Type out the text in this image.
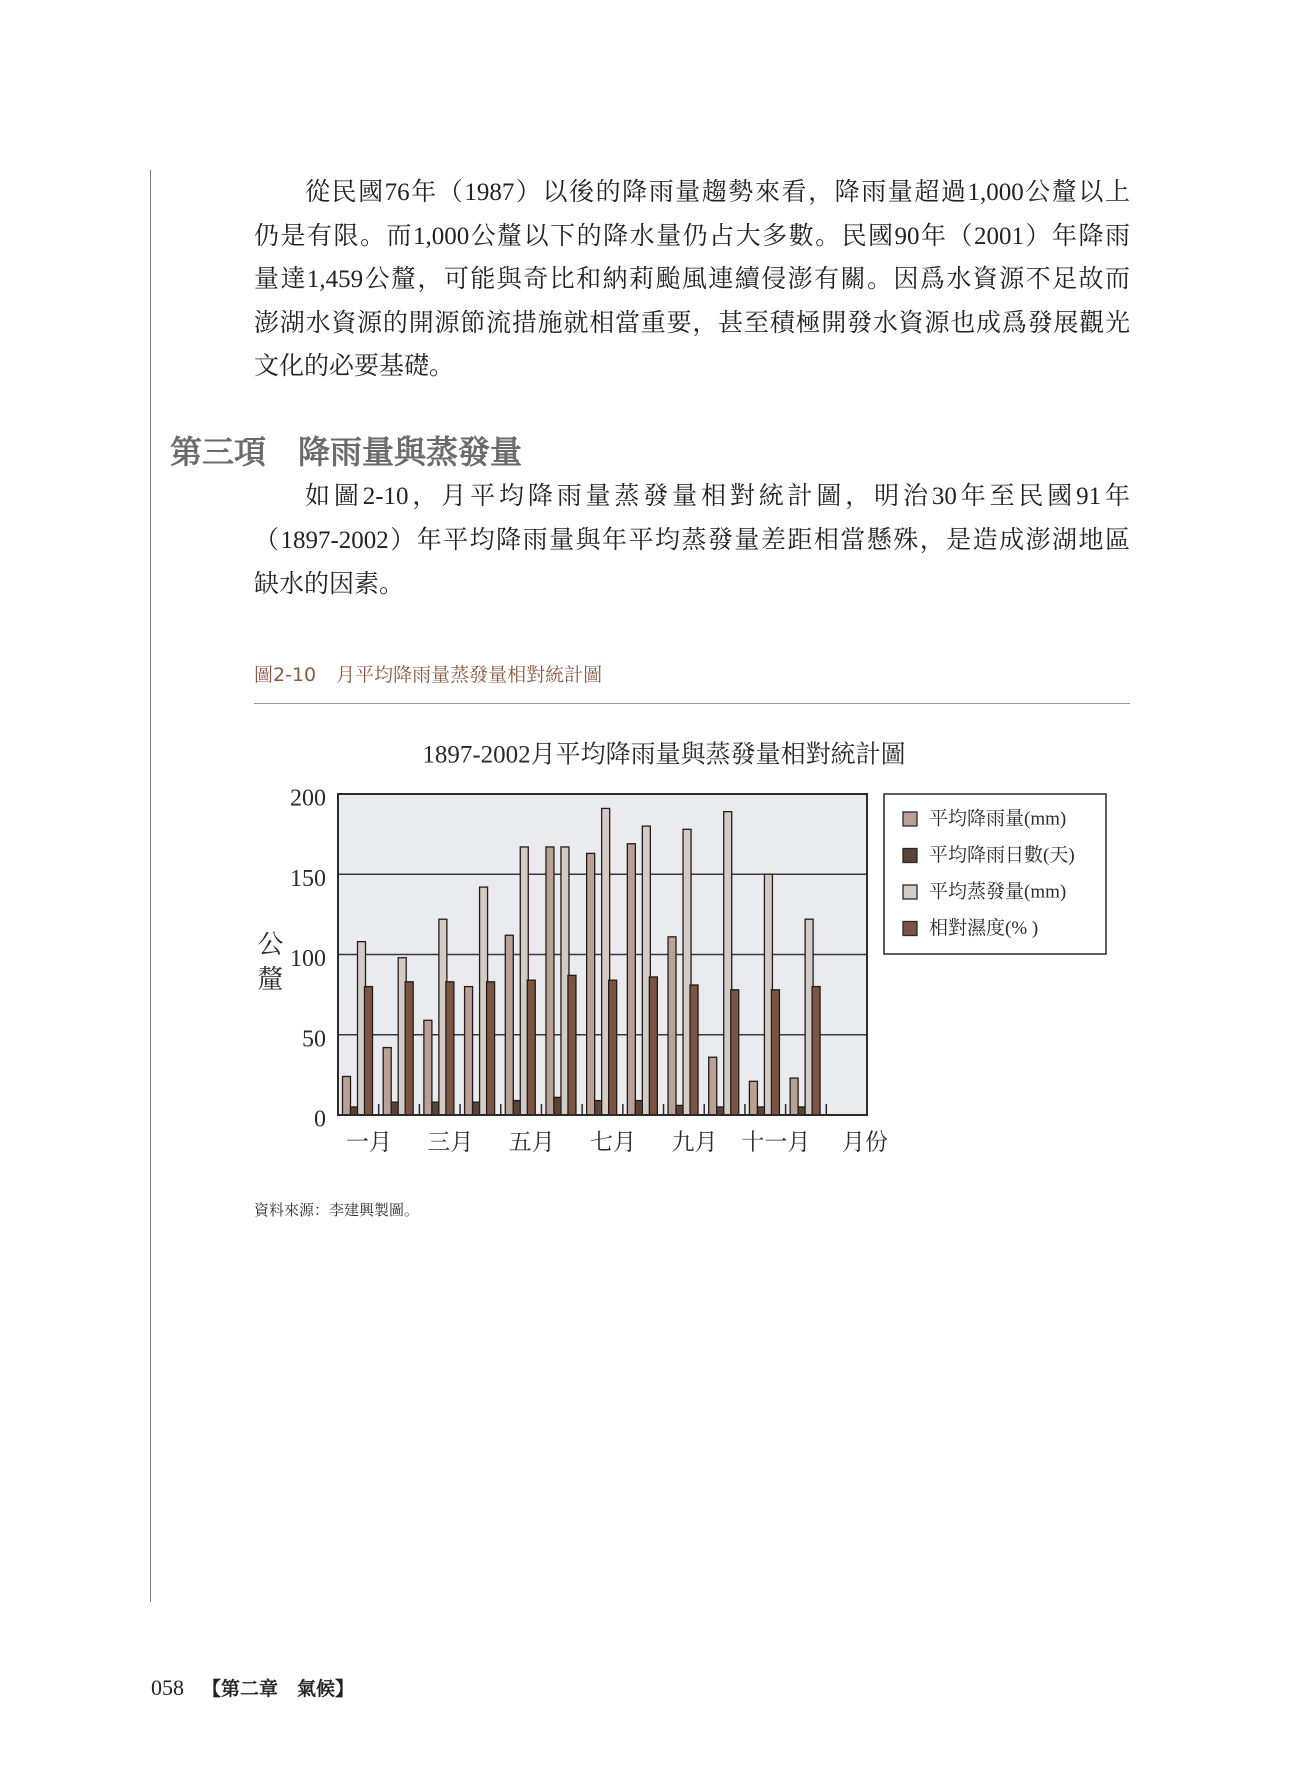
從民國76年（1987）以後的降雨量趨勢來看，降雨量超過1,000公釐以上
仍是有限。而1,000公釐以下的降水量仍占大多數。民國90年（2001）年降雨
量達1,459公釐，可能與奇比和納莉颱風連續侵澎有關。因爲水資源不足故而
澎湖水資源的開源節流措施就相當重要，甚至積極開發水資源也成爲發展觀光
文化的必要基礎。
第三項　降雨量與蒸發量
如圖2-10，月平均降雨量蒸發量相對統計圖，明治30年至民國91年
（1897-2002）年平均降雨量與年平均蒸發量差距相當懸殊，是造成澎湖地區
缺水的因素。
圖2-10 月平均降雨量蒸發量相對統計圖
1897-2002月平均降雨量與蒸發量相對統計圖
0
50
100
150
200
一月 三月 五月 七月 九月 十一月 月份
平均降雨量(mm)
平均降雨日數(天)
平均蒸發量(mm)
相對濕度(% )
公釐
資料來源：李建興製圖。
058 【第二章　氣候】
